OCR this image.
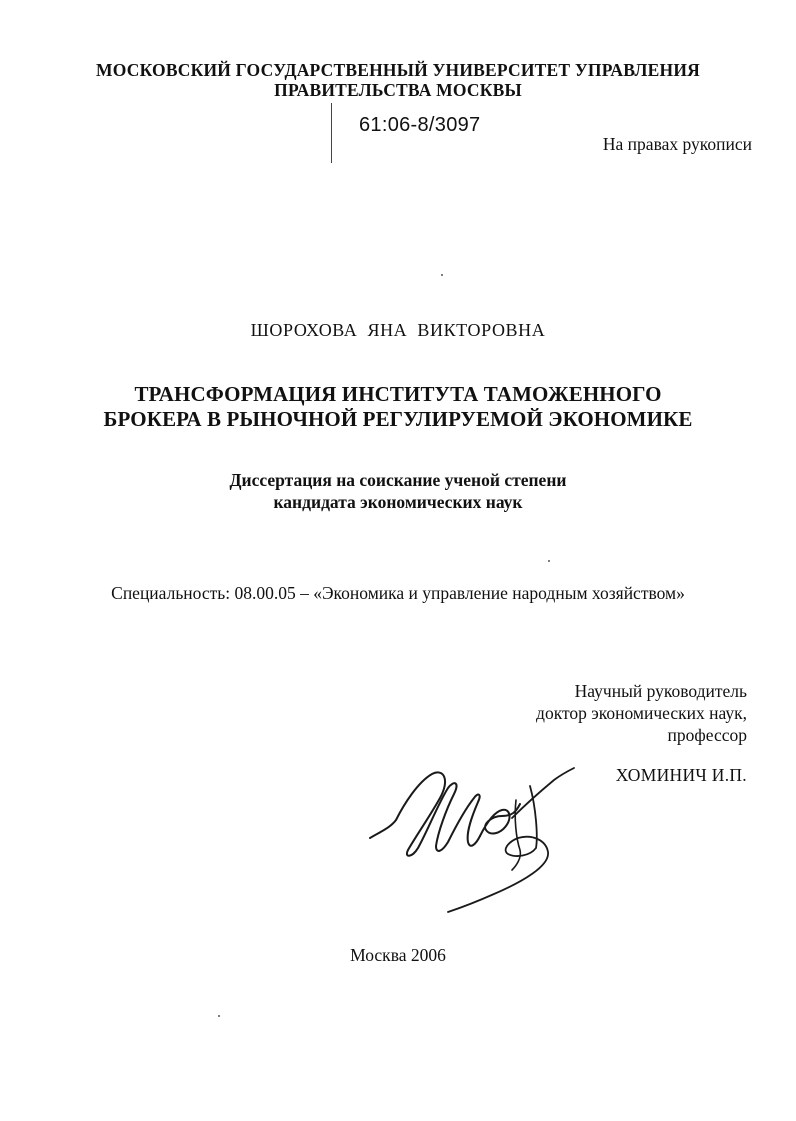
МОСКОВСКИЙ ГОСУДАРСТВЕННЫЙ УНИВЕРСИТЕТ УПРАВЛЕНИЯ
ПРАВИТЕЛЬСТВА МОСКВЫ
61:06-8/3097
На правах рукописи
ШОРОХОВА ЯНА ВИКТОРОВНА
ТРАНСФОРМАЦИЯ ИНСТИТУТА ТАМОЖЕННОГО
БРОКЕРА В РЫНОЧНОЙ РЕГУЛИРУЕМОЙ ЭКОНОМИКЕ
Диссертация на соискание ученой степени
кандидата экономических наук
Специальность: 08.00.05 – «Экономика и управление народным хозяйством»
Научный руководитель
доктор экономических наук,
профессор
ХОМИНИЧ И.П.
Москва 2006
